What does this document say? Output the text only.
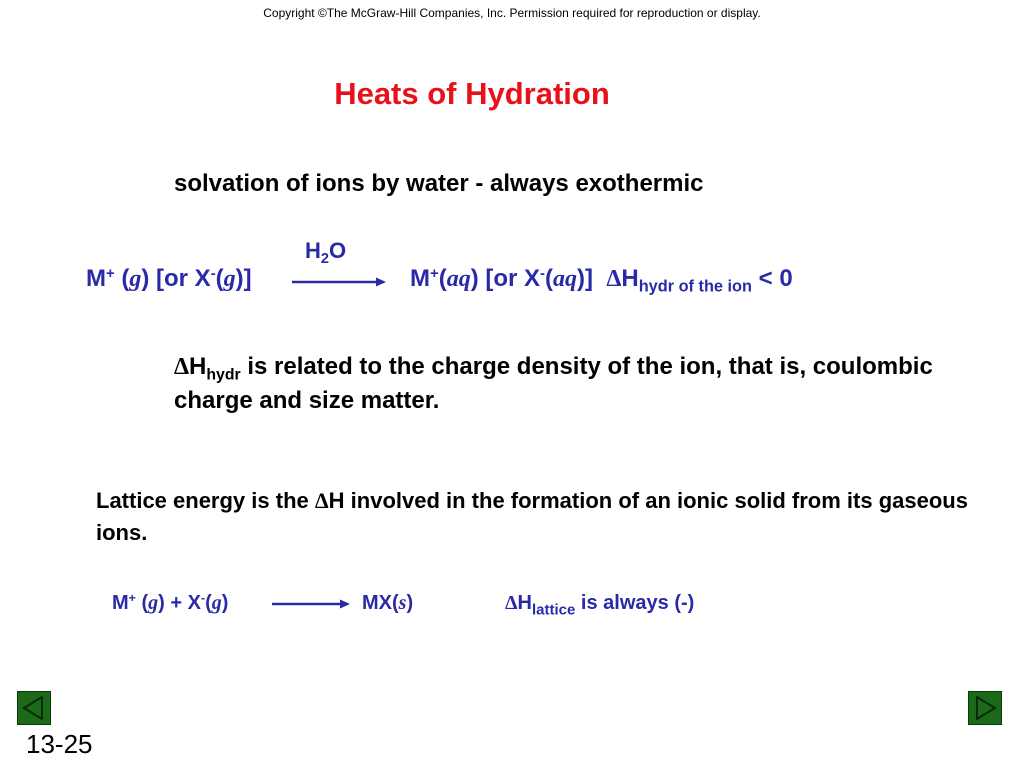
Copyright ©The McGraw-Hill Companies, Inc. Permission required for reproduction or display.
Heats of Hydration
solvation of ions by water - always exothermic
$H_2O$
M+ (g) [or X-(g)]	M+(aq) [or X-(aq)]  $\Delta H_{hydr of the ion} < 0$
$\Delta H_{hydr}$ is related to the charge density of the ion, that is, coulombic charge and size matter.
Lattice energy is the ΔH involved in the formation of an ionic solid from its gaseous ions.
M+ (g) + X-(g)	MX(s)	$\Delta H_{lattice}$ is always (-)
13-25
